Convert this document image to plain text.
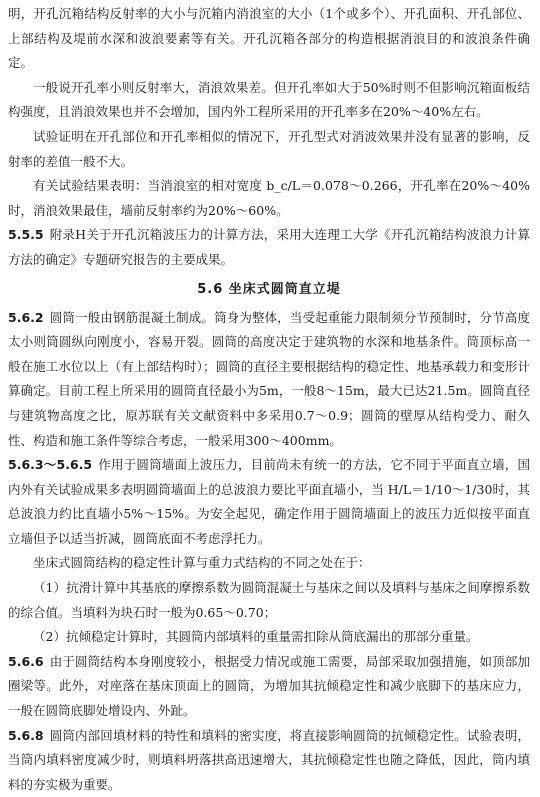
明，开孔沉箱结构反射率的大小与沉箱内消浪室的大小（1个或多个）、开孔面积、开孔部位、上部结构及堤前水深和波浪要素等有关。开孔沉箱各部分的构造根据消浪目的和波浪条件确定。

一般说开孔率小则反射率大，消浪效果差。但开孔率如大于50%时则不但影响沉箱面板结构强度，且消浪效果也并不会增加，国内外工程所采用的开孔率多在20%～40%左右。

试验证明在开孔部位和开孔率相似的情况下，开孔型式对消波效果并没有显著的影响，反射率的差值一般不大。

有关试验结果表明：当消浪室的相对宽度 b_c/L＝0.078～0.266，开孔率在20%～40%时，消浪效果最佳，墙前反射率约为20%～60%。

5.5.5 附录H关于开孔沉箱波压力的计算方法，采用大连理工大学《开孔沉箱结构波浪力计算方法的确定》专题研究报告的主要成果。

5.6 坐床式圆筒直立堤

5.6.2 圆筒一般由钢筋混凝土制成。筒身为整体，当受起重能力限制须分节预制时，分节高度太小则筒圆纵向刚度小，容易开裂。圆筒的高度决定于建筑物的水深和地基条件。筒顶标高一般在施工水位以上（有上部结构时）；圆筒的直径主要根据结构的稳定性、地基承载力和变形计算确定。目前工程上所采用的圆筒直径最小为5m，一般8～15m，最大已达21.5m。圆筒直径与建筑物高度之比，原苏联有关文献资料中多采用0.7～0.9；圆筒的壁厚从结构受力、耐久性、构造和施工条件等综合考虑，一般采用300～400mm。

5.6.3～5.6.5 作用于圆筒墙面上波压力，目前尚未有统一的方法，它不同于平面直立墙，国内外有关试验成果多表明圆筒墙面上的总波浪力要比平面直墙小，当 H/L＝1/10～1/30时，其总波浪力约比直墙小5%～15%。为安全起见，确定作用于圆筒墙面上的波压力近似按平面直立墙但予以适当折减，圆筒底面不考虑浮托力。

坐床式圆筒结构的稳定性计算与重力式结构的不同之处在于：

（1）抗滑计算中其基底的摩擦系数为圆筒混凝土与基床之间以及填料与基床之间摩擦系数的综合值。当填料为块石时一般为0.65～0.70；

（2）抗倾稳定计算时，其圆筒内部填料的重量需扣除从筒底漏出的那部分重量。

5.6.6 由于圆筒结构本身刚度较小，根据受力情况或施工需要，局部采取加强措施，如顶部加圈梁等。此外，对座落在基床顶面上的圆筒，为增加其抗倾稳定性和减少底脚下的基床应力，一般在圆筒底脚处增设内、外趾。

5.6.8 圆筒内部回填材料的特性和填料的密实度，将直接影响圆筒的抗倾稳定性。试验表明，当筒内填料密度减少时，则填料坍落拱高迅速增大，其抗倾稳定性也随之降低，因此，筒内填料的夯实极为重要。
